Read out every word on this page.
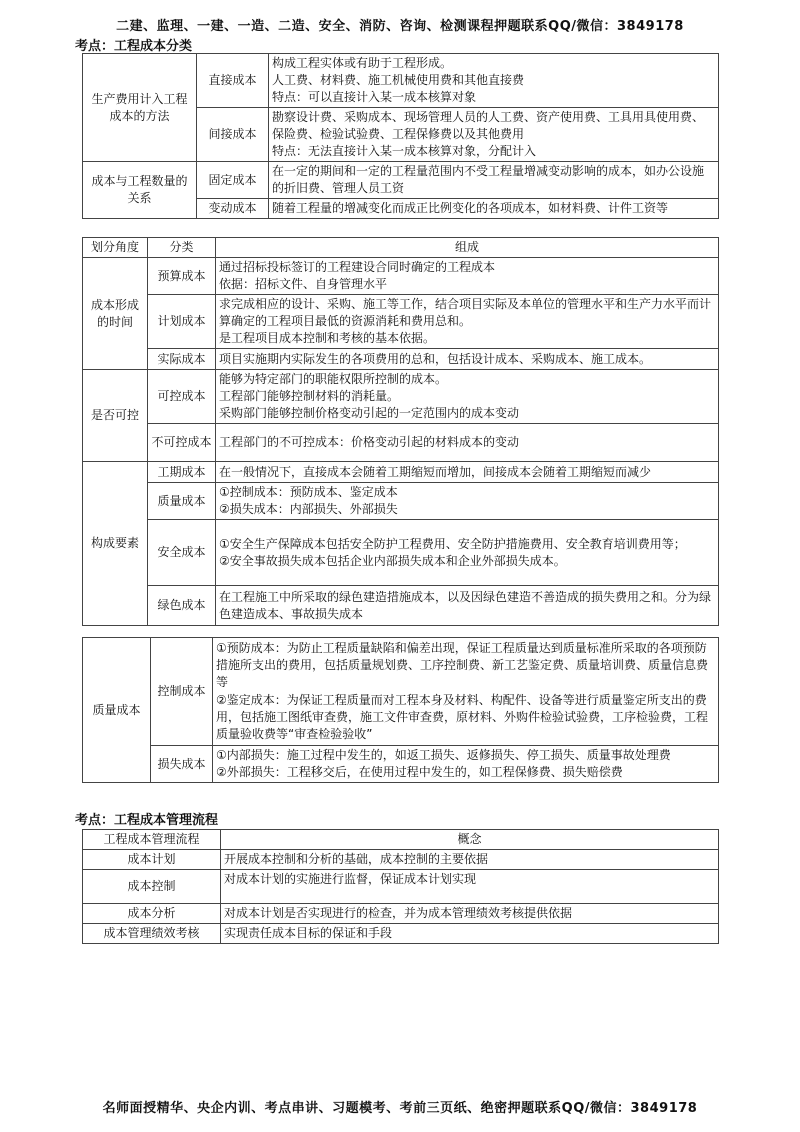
二建、监理、一建、一造、二造、安全、消防、咨询、检测课程押题联系QQ/微信：3849178
考点：工程成本分类
生产费用计入工程成本的方法	直接成本	构成工程实体或有助于工程形成。
人工费、材料费、施工机械使用费和其他直接费
特点：可以直接计入某一成本核算对象

	间接成本	勘察设计费、采购成本、现场管理人员的人工费、资产使用费、工具用具使用费、保险费、检验试验费、工程保修费以及其他费用
特点：无法直接计入某一成本核算对象，分配计入

成本与工程数量的关系	固定成本	在一定的期间和一定的工程量范围内不受工程量增减变动影响的成本，如办公设施的折旧费、管理人员工资

	变动成本	随着工程量的增减变化而成正比例变化的各项成本，如材料费、计件工资等
划分角度	分类	组成
成本形成的时间	预算成本	通过招标投标签订的工程建设合同时确定的工程成本
依据：招标文件、自身管理水平

	计划成本	求完成相应的设计、采购、施工等工作，结合项目实际及本单位的管理水平和生产力水平而计算确定的工程项目最低的资源消耗和费用总和。
是工程项目成本控制和考核的基本依据。

	实际成本	项目实施期内实际发生的各项费用的总和，包括设计成本、采购成本、施工成本。

是否可控	可控成本	能够为特定部门的职能权限所控制的成本。
工程部门能够控制材料的消耗量。
采购部门能够控制价格变动引起的一定范围内的成本变动

	不可控成本	工程部门的不可控成本：价格变动引起的材料成本的变动

构成要素	工期成本	在一般情况下，直接成本会随着工期缩短而增加，间接成本会随着工期缩短而减少

	质量成本	①控制成本：预防成本、鉴定成本
②损失成本：内部损失、外部损失

	安全成本	①安全生产保障成本包括安全防护工程费用、安全防护措施费用、安全教育培训费用等；
②安全事故损失成本包括企业内部损失成本和企业外部损失成本。

	绿色成本	在工程施工中所采取的绿色建造措施成本，以及因绿色建造不善造成的损失费用之和。分为绿色建造成本、事故损失成本
质量成本	控制成本	①预防成本：为防止工程质量缺陷和偏差出现，保证工程质量达到质量标准所采取的各项预防措施所支出的费用，包括质量规划费、工序控制费、新工艺鉴定费、质量培训费、质量信息费等
②鉴定成本：为保证工程质量而对工程本身及材料、构配件、设备等进行质量鉴定所支出的费用，包括施工图纸审查费，施工文件审查费，原材料、外购件检验试验费，工序检验费，工程质量验收费等“审查检验验收”

	损失成本	①内部损失：施工过程中发生的，如返工损失、返修损失、停工损失、质量事故处理费
②外部损失：工程移交后，在使用过程中发生的，如工程保修费、损失赔偿费
考点：工程成本管理流程
工程成本管理流程	概念
成本计划	开展成本控制和分析的基础，成本控制的主要依据
成本控制	对成本计划的实施进行监督，保证成本计划实现
成本分析	对成本计划是否实现进行的检查，并为成本管理绩效考核提供依据
成本管理绩效考核	实现责任成本目标的保证和手段
名师面授精华、央企内训、考点串讲、习题模考、考前三页纸、绝密押题联系QQ/微信：3849178
